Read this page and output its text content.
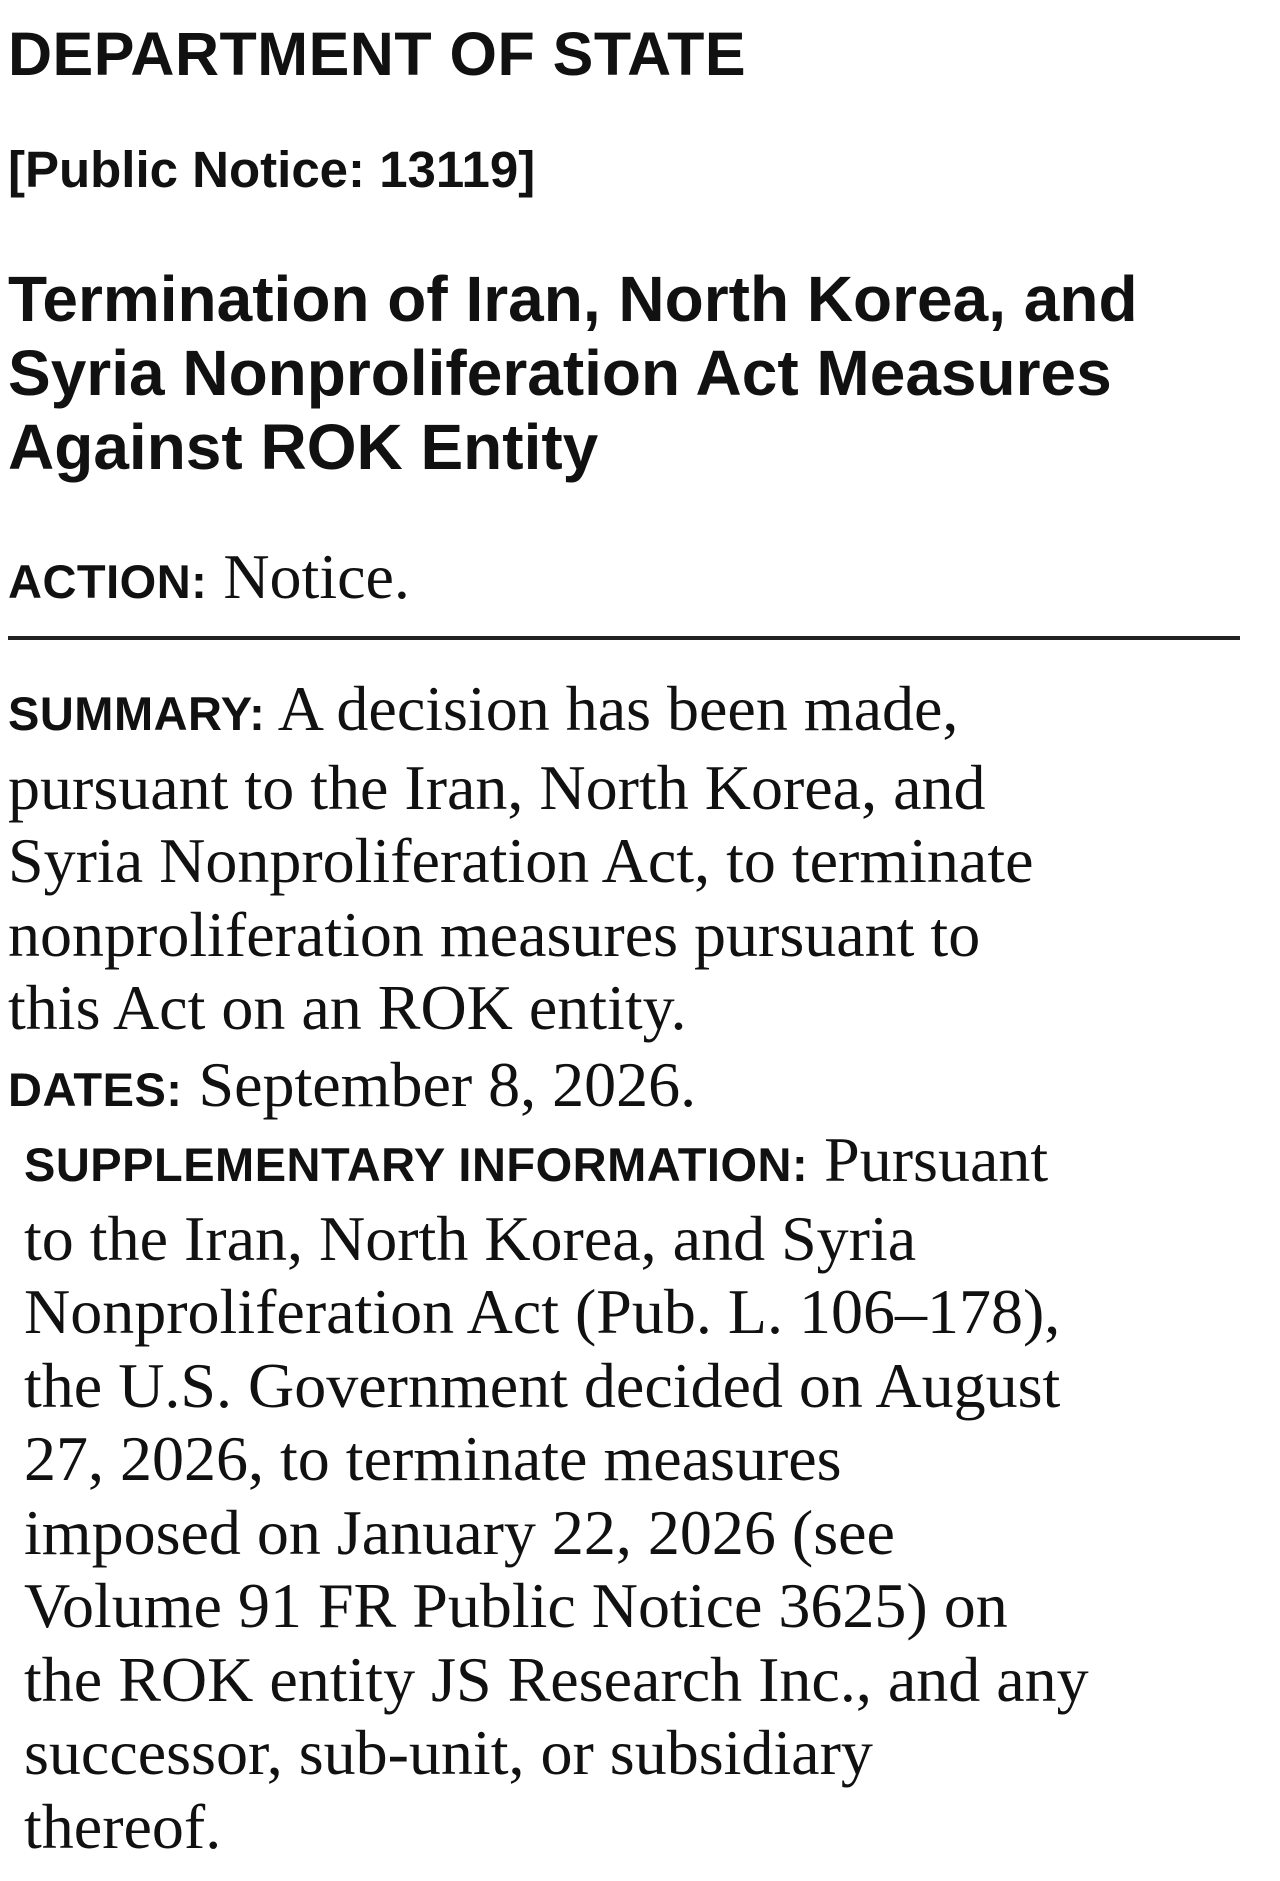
DEPARTMENT OF STATE
[Public Notice: 13119]
Termination of Iran, North Korea, and
Syria Nonproliferation Act Measures
Against ROK Entity

ACTION: Notice.

SUMMARY: A decision has been made,
pursuant to the Iran, North Korea, and
Syria Nonproliferation Act, to terminate
nonproliferation measures pursuant to
this Act on an ROK entity.

DATES: September 8, 2026.

SUPPLEMENTARY INFORMATION: Pursuant
to the Iran, North Korea, and Syria
Nonproliferation Act (Pub. L. 106–178),
the U.S. Government decided on August
27, 2026, to terminate measures
imposed on January 22, 2026 (see
Volume 91 FR Public Notice 3625) on
the ROK entity JS Research Inc., and any
successor, sub-unit, or subsidiary
thereof.
